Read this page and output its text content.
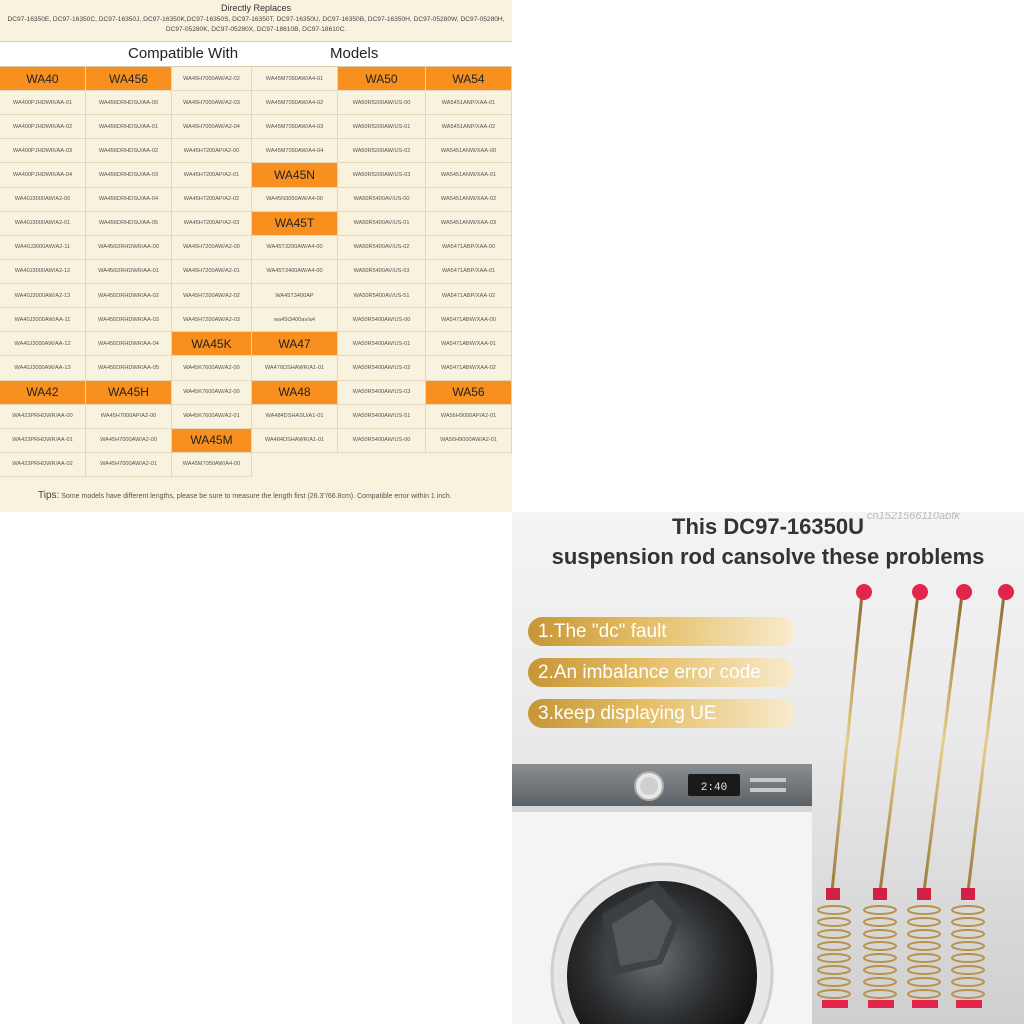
Directly Replaces
DC97-16350E, DC97-16350C, DC97-16350J, DC97-16350K,DC97-16350S, DC97-16350T, DC97-16350U, DC97-16350B, DC97-16350H, DC97-05280W, DC97-05280H, DC97-05280K, DC97-05280X, DC97-18610B, DC97-18610C.
Compatible With	Models
WA40	WA456	WA45H7000AW/A2-02	WA45M7050AW/A4-01	WA50	WA54
WA400PJHDWR/AA-01	WA456DRHDSU/AA-00	WA45H7000AW/A2-03	WA45M7050AW/A4-02	WA50R5200AW/US-00	WA5451ANP/XAA-01
WA400PJHDWR/AA-02	WA456DRHDSU/AA-01	WA45H7000AW/A2-04	WA45M7050AW/A4-03	WA50R5200AW/US-01	WA5451ANP/XAA-02
WA400PJHDWR/AA-03	WA456DRHDSU/AA-02	WA45H7200AP/A2-00	WA45M7050AW/A4-04	WA50R5200AW/US-02	WA5451ANW/XAA-00
WA400PJHDWR/AA-04	WA456DRHDSU/AA-03	WA45H7200AP/A2-01	WA45N	WA50R5200AW/US-03	WA5451ANW/XAA-01
WA40J3000AW/A2-00	WA456DRHDSU/AA-04	WA45H7200AP/A2-02	WA45N3050AW/A4-00	WA50R5400AV/US-00	WA5451ANW/XAA-02
WA40J3000AW/A2-01	WA456DRHDSU/AA-05	WA45H7200AP/A2-03	WA45T	WA50R5400AV/US-01	WA5451ANW/XAA-03
WA40J3000AW/A2-11	WA456DRHDWR/AA-00	WA45H7200AW/A2-00	WA45T3200AW/A4-00	WA50R5400AV/US-02	WA5471ABP/XAA-00
WA40J3000AW/A2-12	WA456DRHDWR/AA-01	WA45H7200AW/A2-01	WA45T3400AW/A4-00	WA50R5400AV/US-03	WA5471ABP/XAA-01
WA40J3000AW/A2-13	WA456DRHDWR/AA-02	WA45H7200AW/A2-02	WA45T3400AP	WA50R5400AV/US-51	WA5471ABP/XAA-02
WA40J3000AW/AA-11	WA456DRHDWR/AA-03	WA45H7200AW/A2-03	wa45t3400av/a4	WA50R5400AW/US-00	WA5471ABW/XAA-00
WA40J3000AW/AA-12	WA456DRHDWR/AA-04	WA45K	WA47	WA50R5400AW/US-01	WA5471ABW/XAA-01
WA40J3000AW/AA-13	WA456DRHDWR/AA-05	WA45K7600AW/A2-00	WA476DSHAWR/A1-01	WA50R5400AW/US-02	WA5471ABW/XAA-02
WA42	WA45H	WA45K7600AW/A2-00	WA48	WA50R5400AW/US-03	WA56
WA422PRHDWR/AA-00	WA45H7000AP/A2-00	WA45K7600AW/A2-01	WA484DSHASU/A1-01	WA50R5400AW/US-51	WA56H9000AP/A2-01
WA422PRHDWR/AA-01	WA45H7000AW/A2-00	WA45M	WA484DSHAWR/A1-01	WA50R5400AW/US-00	WA56H9000AW/A2-01
WA422PRHDWR/AA-02	WA45H7000AW/A2-01	WA45M7050AW/A4-00
Tips: Some models have different lengths, please be sure to measure the length first (26.3"/66.8cm). Compatible error within 1 inch.
cn1521566110abfk
This DC97-16350U
suspension rod cansolve these problems
1.The "dc" fault
2.An imbalance error code
3.keep displaying UE
2:40
